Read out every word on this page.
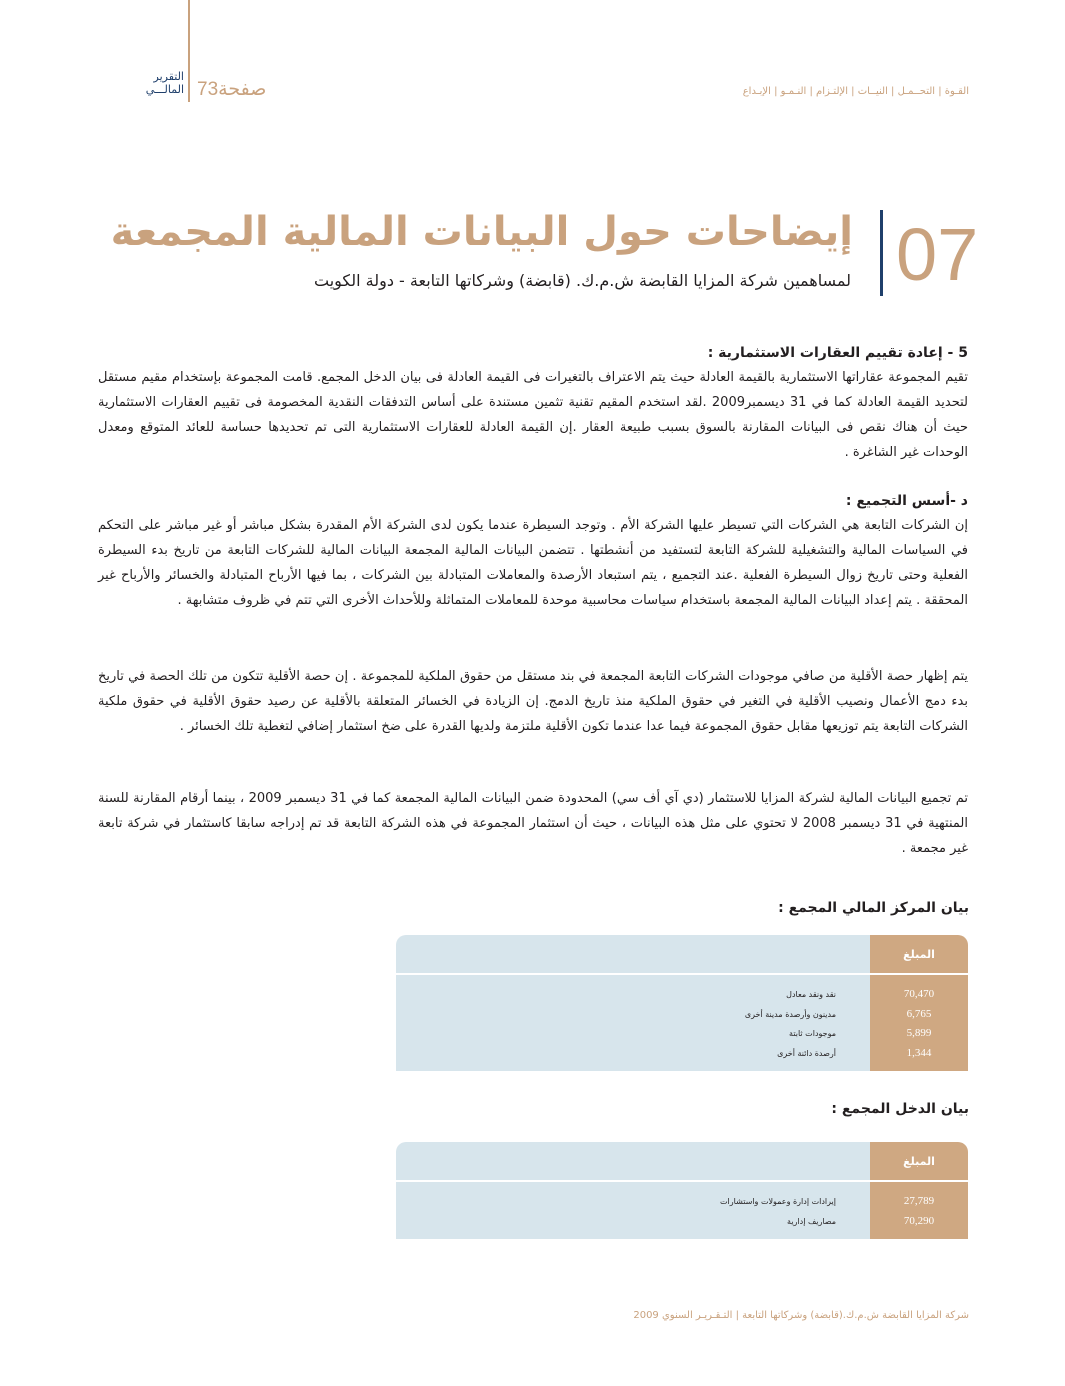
التقرير
المالـــي	صفحة73	القـوة | التحــمـل | النيــات | الإلتـزام | النـمـو | الإبـداع
07
إيضاحات حول البيانات المالية المجمعة
لمساهمين شركة المزايا القابضة ش.م.ك. (قابضة) وشركاتها التابعة - دولة الكويت
5 - إعادة تقييم العقارات الاستثمارية :

تقيم المجموعة عقاراتها الاستثمارية بالقيمة العادلة حيث يتم الاعتراف بالتغيرات فى القيمة العادلة فى بيان الدخل المجمع. قامت المجموعة بإستخدام مقيم مستقل لتحديد القيمة العادلة كما في 31 ديسمبر2009 .لقد استخدم المقيم تقنية تثمين مستندة على أساس التدفقات النقدية المخصومة فى تقييم العقارات الاستثمارية حيث أن هناك نقص فى البيانات المقارنة بالسوق بسبب طبيعة العقار .إن القيمة العادلة للعقارات الاستثمارية التى تم تحديدها حساسة للعائد المتوقع ومعدل الوحدات غير الشاغرة .

د -أسس التجميع :

إن الشركات التابعة هي الشركات التي تسيطر عليها الشركة الأم . وتوجد السيطرة عندما يكون لدى الشركة الأم المقدرة بشكل مباشر أو غير مباشر على التحكم في السياسات المالية والتشغيلية للشركة التابعة لتستفيد من أنشطتها . تتضمن البيانات المالية المجمعة البيانات المالية للشركات التابعة من تاريخ بدء السيطرة الفعلية وحتى تاريخ زوال السيطرة الفعلية .عند التجميع ، يتم استبعاد الأرصدة والمعاملات المتبادلة بين الشركات ، بما فيها الأرباح المتبادلة والخسائر والأرباح غير المحققة . يتم إعداد البيانات المالية المجمعة باستخدام سياسات محاسبية موحدة للمعاملات المتماثلة وللأحداث الأخرى التي تتم في ظروف متشابهة .

يتم إظهار حصة الأقلية من صافي موجودات الشركات التابعة المجمعة في بند مستقل من حقوق الملكية للمجموعة . إن حصة الأقلية تتكون من تلك الحصة في تاريخ بدء دمج الأعمال ونصيب الأقلية في التغير في حقوق الملكية منذ تاريخ الدمج. إن الزيادة في الخسائر المتعلقة بالأقلية عن رصيد حقوق الأقلية في حقوق ملكية الشركات التابعة يتم توزيعها مقابل حقوق المجموعة فيما عدا عندما تكون الأقلية ملتزمة ولديها القدرة على ضخ استثمار إضافي لتغطية تلك الخسائر .

تم تجميع البيانات المالية لشركة المزايا للاستثمار (دي آي أف سي) المحدودة ضمن البيانات المالية المجمعة كما في 31 ديسمبر 2009 ، بينما أرقام المقارنة للسنة المنتهية في 31 ديسمبر 2008 لا تحتوي على مثل هذه البيانات ، حيث أن استثمار المجموعة في هذه الشركة التابعة قد تم إدراجه سابقا كاستثمار في شركة تابعة غير مجمعة .

بيان المركز المالي المجمع :
المبلغ
70,470
6,765
5,899
1,344
نقد ونقد معادل
مدينون وأرصدة مدينة أخرى
موجودات ثابتة
أرصدة دائنة أخرى
بيان الدخل المجمع :
المبلغ
27,789
70,290
إيرادات إدارة وعمولات واستشارات
مصاريف إدارية
شركة المزايا القابضة ش.م.ك.(قابضة) وشركاتها التابعة | التـقـريـر السنوي 2009
